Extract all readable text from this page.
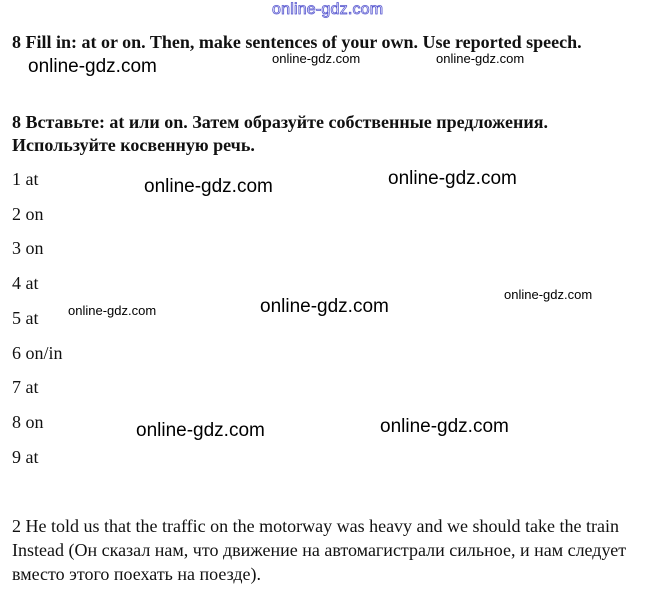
online-gdz.com
8 Fill in: at or on. Then, make sentences of your own. Use reported speech.
8 Вставьте: at или on. Затем образуйте собственные предложения.
Используйте косвенную речь.
1 at
2 on
3 on
4 at
5 at
6 on/in
7 at
8 on
9 at
2 He told us that the traffic on the motorway was heavy and we should take the train Instead (Он сказал нам, что движение на автомагистрали сильное, и нам следует вместо этого поехать на поезде).
online-gdz.com	online-gdz.com	online-gdz.com
online-gdz.com	online-gdz.com
online-gdz.com	online-gdz.com
online-gdz.com
online-gdz.com	online-gdz.com
